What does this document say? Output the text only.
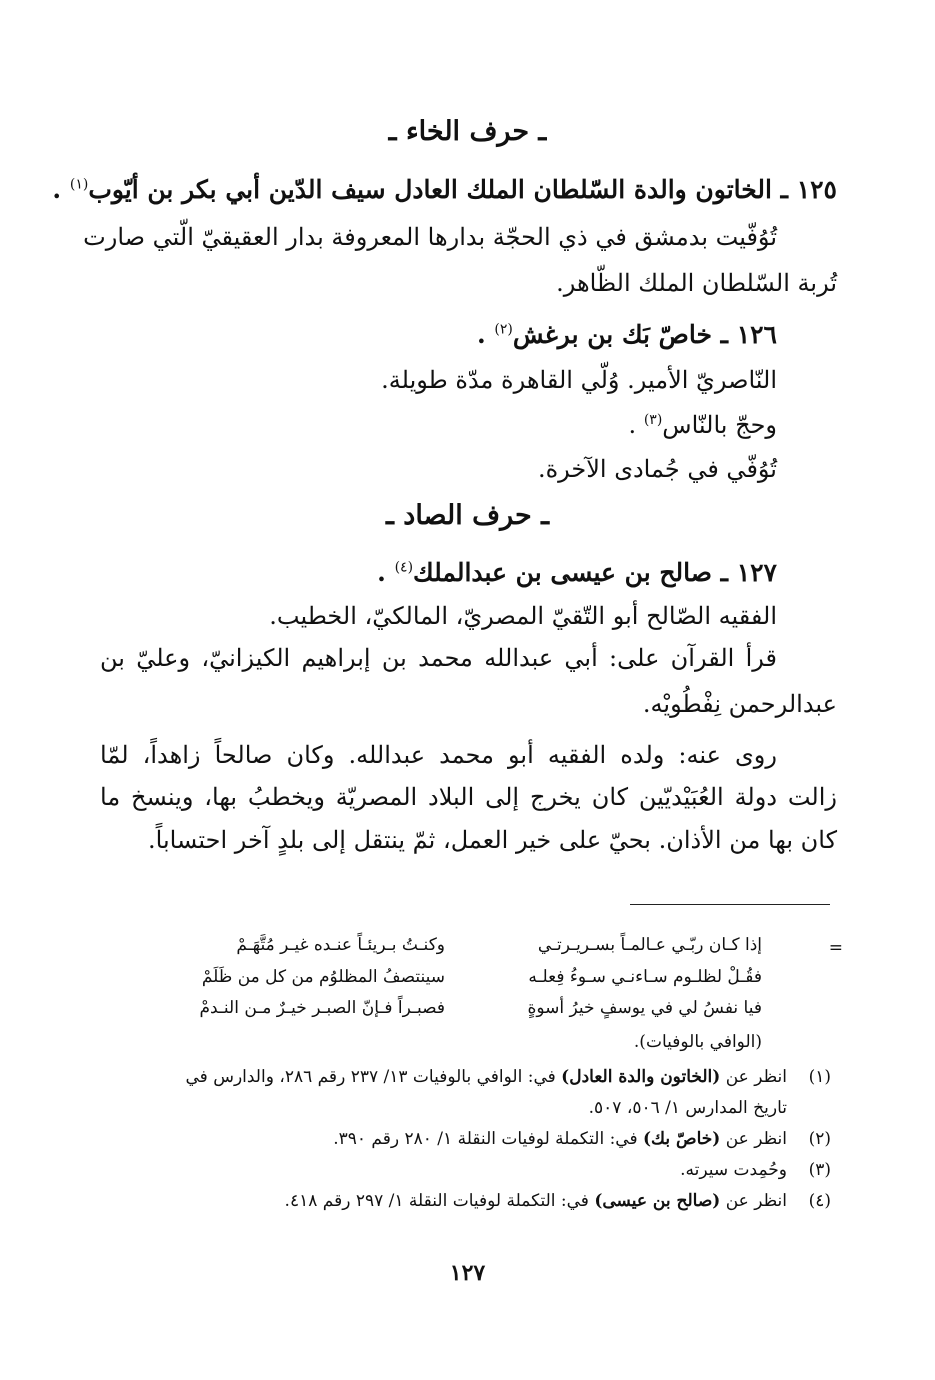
ـ حرف الخاء ـ
١٢٥ ـ الخاتون والدة السّلطان الملك العادل سيف الدّين أبي بكر بن أيّوب$^{(١)}$ .
تُوُفّيت بدمشق في ذي الحجّة بدارها المعروفة بدار العقيقيّ الّتي صارت
تُربة السّلطان الملك الظّاهر.
١٢٦ ـ خاصّ بَك بن برغش$^{(٢)}$ .
النّاصريّ الأمير. وُلّي القاهرة مدّة طويلة.
وحجّ بالنّاس$^{(٣)}$ .
تُوُفّي في جُمادى الآخرة.
ـ حرف الصاد ـ
١٢٧ ـ صالح بن عيسى بن عبدالملك$^{(٤)}$ .
الفقيه الصّالح أبو التّقيّ المصريّ، المالكيّ، الخطيب.
قرأ القرآن على: أبي عبدالله محمد بن إبراهيم الكيزانيّ، وعليّ بن
عبدالرحمن نِفْطُويْه.
روى عنه: ولده الفقيه أبو محمد عبدالله. وكان صالحاً زاهداً، لمّا
زالت دولة العُبَيْديّين كان يخرج إلى البلاد المصريّة ويخطبُ بها، وينسخ ما
كان بها من الأذان. بحيّ على خير العمل، ثمّ ينتقل إلى بلدٍ آخر احتساباً.
=
إذا كـان ربّـي عـالمـاً بسـريـرتـي
وكنـتُ بـريئـاً عنـده غيـر مُتَّهَـمْ
فقُـلْ لظلـوم سـاءنـي سـوءُ فِعلـه
سينتصفُ المظلوُم من كل من ظَلَمْ
فيا نفسُ لي في يوسفٍ خيرُ أسوةٍ
فصبـراً فـإنّ الصبـر خيـرٌ مـن النـدمْ
(الوافي بالوفيات).
(١)
انظر عن (الخاتون والدة العادل) في: الوافي بالوفيات ١٣/ ٢٣٧ رقم ٢٨٦، والدارس في
تاريخ المدارس ١/ ٥٠٦، ٥٠٧.
(٢)
انظر عن (خاصّ بك) في: التكملة لوفيات النقلة ١/ ٢٨٠ رقم ٣٩٠.
(٣)
وحُمِدت سيرته.
(٤)
انظر عن (صالح بن عيسى) في: التكملة لوفيات النقلة ١/ ٢٩٧ رقم ٤١٨.
١٢٧
